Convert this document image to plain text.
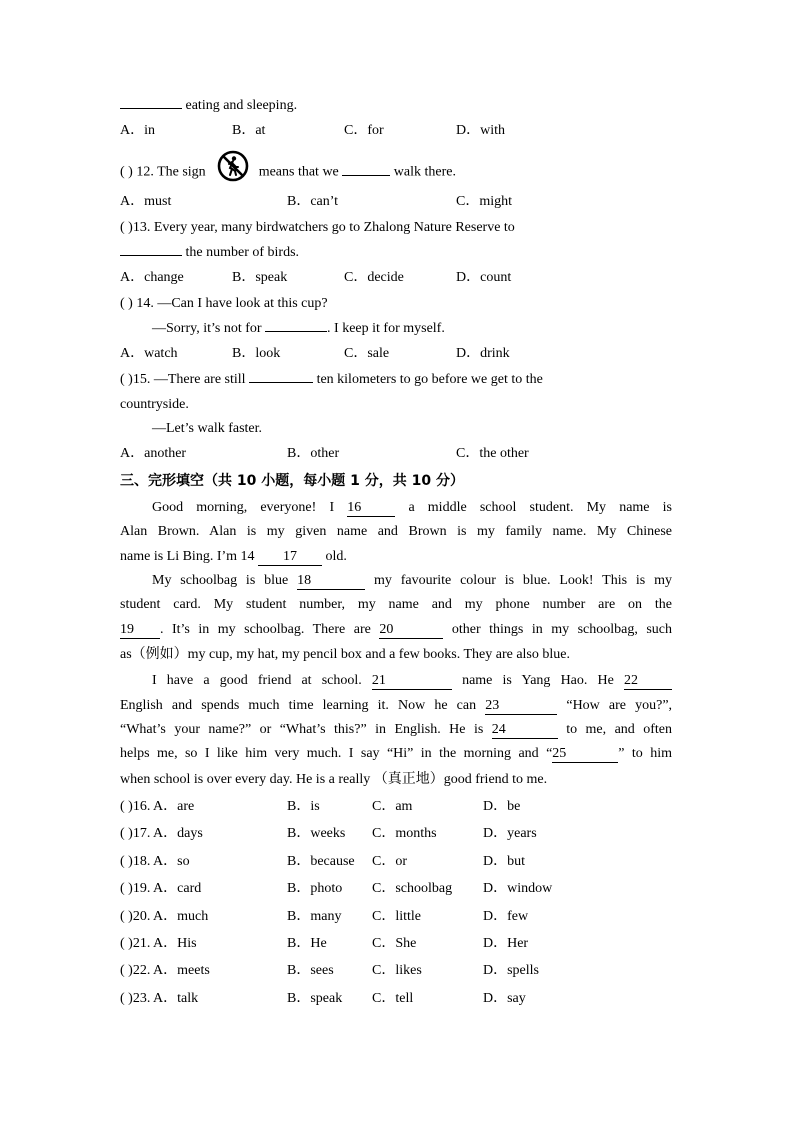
eating and sleeping.
A．in	B．at	C．for	D．with
( ) 12. The sign	means that we	walk there.
A．must	B．can’t	C．might
( )13. Every year, many birdwatchers go to Zhalong Nature Reserve to
the number of birds.
A．change	B．speak	C．decide	D．count
( ) 14. —Can I have look at this cup?
—Sorry, it’s not for	. I keep it for myself.
A．watch	B．look	C．sale	D．drink
( )15. —There are still	ten kilometers to go before we get to the
countryside.
—Let’s walk faster.
A．another	B．other	C．the other
三、完形填空（共 10 小题，每小题 1 分，共 10 分）
Good morning, everyone! I 16	a middle school student. My name is
Alan Brown. Alan is my given name and Brown is my family name. My Chinese
name is Li Bing. I’m 14 17 old.
My schoolbag is blue 18	my favourite colour is blue. Look! This is my
student card. My student number, my name and my phone number are on the
19 . It’s in my schoolbag. There are 20	other things in my schoolbag, such
as（例如）my cup, my hat, my pencil box and a few books. They are also blue.
I have a good friend at school. 21	name is Yang Hao. He 22
English and spends much time learning it. Now he can 23	“How are you?”,
“What’s your name?” or “What’s this?” in English. He is 24	to me, and often
helps me, so I like him very much. I say “Hi” in the morning and “25	” to him
when school is over every day. He is a really （真正地）good friend to me.
( )16. A．are	B．is	C．am	D．be
( )17. A．days	B．weeks C．months	D．years
( )18. A．so	B．because C．or	D．but
( )19. A．card	B．photo C．schoolbag D．window
( )20. A．much	B．many C．little	D．few
( )21. A．His	B．He	C．She	D．Her
( )22. A．meets	B．sees	C．likes	D．spells
( )23. A．talk	B．speak C．tell	D．say
